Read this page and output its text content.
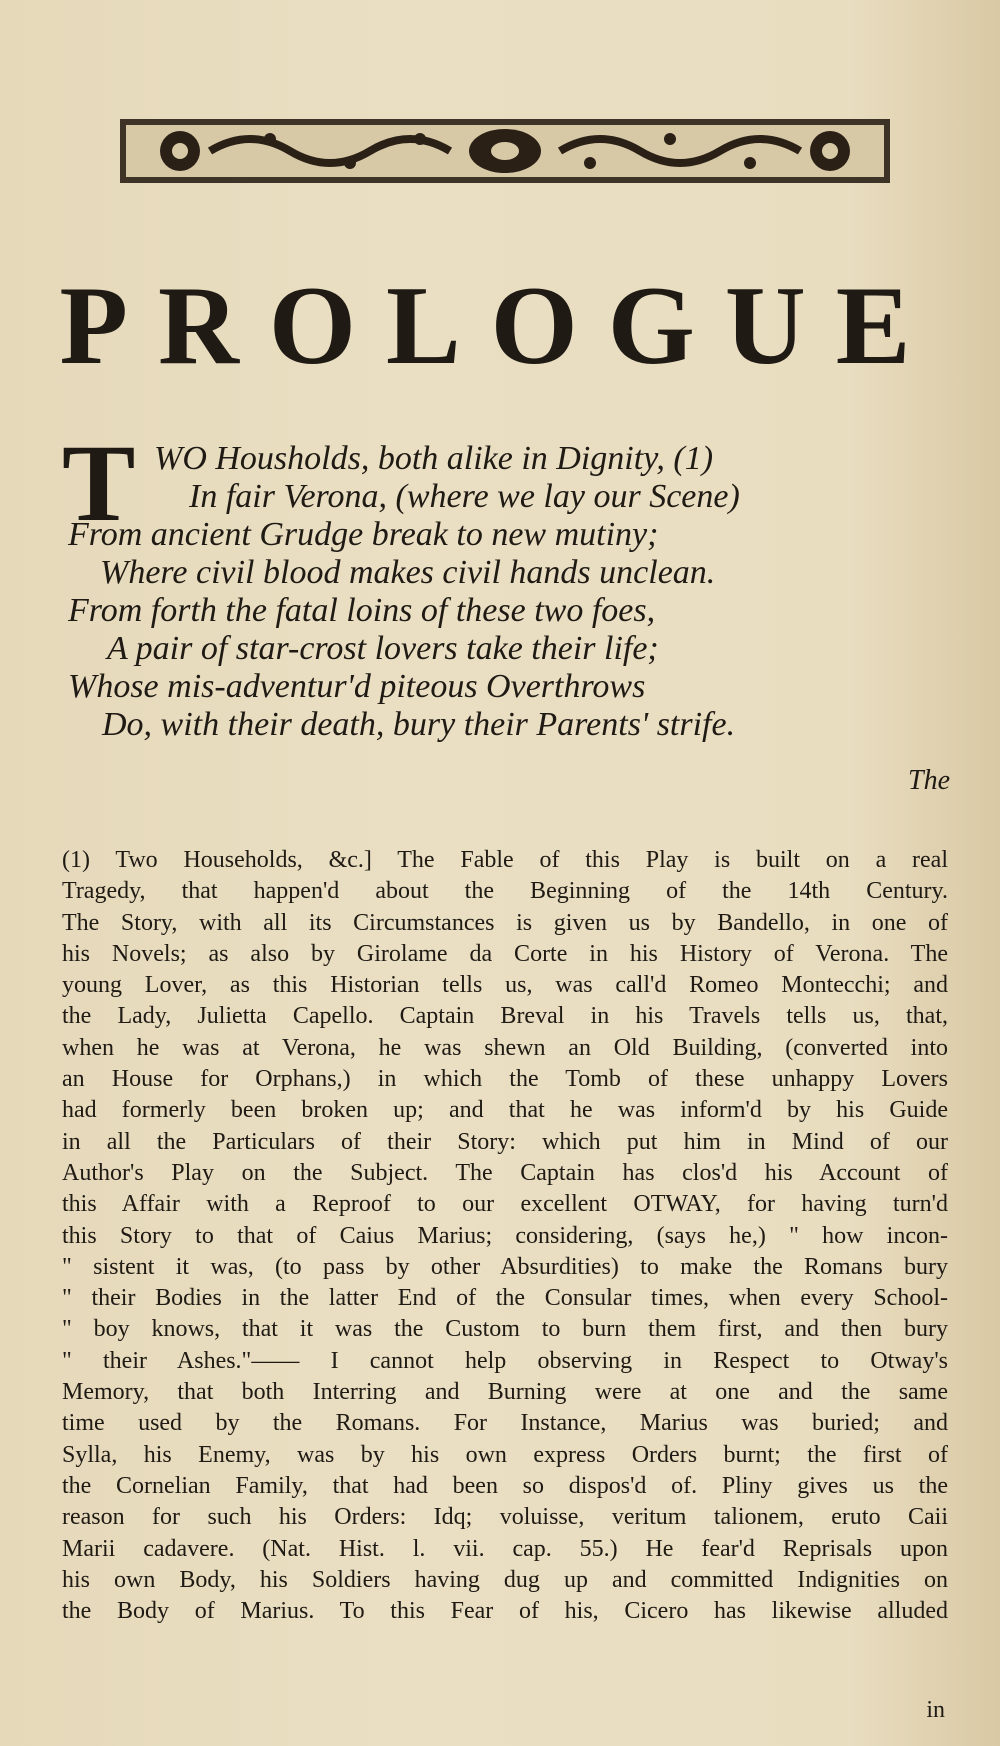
PROLOGUE
T WO Housholds, both alike in Dignity, (1)
In fair Verona, (where we lay our Scene)
From ancient Grudge break to new mutiny;
Where civil blood makes civil hands unclean.
From forth the fatal loins of these two foes,
A pair of star-crost lovers take their life;
Whose mis-adventur'd piteous Overthrows
Do, with their death, bury their Parents' strife.
The
(1) Two Households, &c.] The Fable of this Play is built on a real
Tragedy, that happen'd about the Beginning of the 14th Century.
The Story, with all its Circumstances is given us by Bandello, in one of
his Novels; as also by Girolame da Corte in his History of Verona. The
young Lover, as this Historian tells us, was call'd Romeo Montecchi; and
the Lady, Julietta Capello. Captain Breval in his Travels tells us, that,
when he was at Verona, he was shewn an Old Building, (converted into
an House for Orphans,) in which the Tomb of these unhappy Lovers
had formerly been broken up; and that he was inform'd by his Guide
in all the Particulars of their Story: which put him in Mind of our
Author's Play on the Subject. The Captain has clos'd his Account of
this Affair with a Reproof to our excellent OTWAY, for having turn'd
this Story to that of Caius Marius; considering, (says he,) " how incon-
" sistent it was, (to pass by other Absurdities) to make the Romans bury
" their Bodies in the latter End of the Consular times, when every School-
" boy knows, that it was the Custom to burn them first, and then bury
" their Ashes."—— I cannot help observing in Respect to Otway's
Memory, that both Interring and Burning were at one and the same
time used by the Romans. For Instance, Marius was buried; and
Sylla, his Enemy, was by his own express Orders burnt; the first of
the Cornelian Family, that had been so dispos'd of. Pliny gives us the
reason for such his Orders: Idq; voluisse, veritum talionem, eruto Caii
Marii cadavere. (Nat. Hist. l. vii. cap. 55.) He fear'd Reprisals upon
his own Body, his Soldiers having dug up and committed Indignities on
the Body of Marius. To this Fear of his, Cicero has likewise alluded
in
